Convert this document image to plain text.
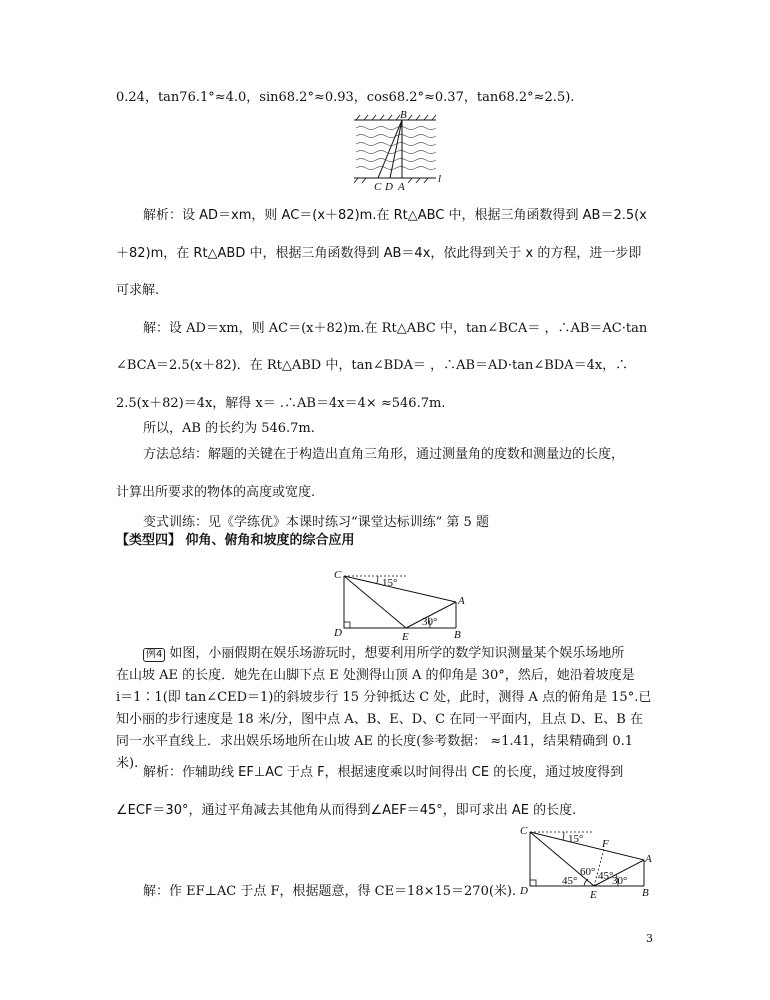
0.24，tan76.1°≈4.0，sin68.2°≈0.93，cos68.2°≈0.37，tan68.2°≈2.5).
B
C D A
l
解析：设 AD＝xm，则 AC＝(x＋82)m.在 Rt△ABC 中，根据三角函数得到 AB＝2.5(x
＋82)m，在 Rt△ABD 中，根据三角函数得到 AB＝4x，依此得到关于 x 的方程，进一步即
可求解.
解：设 AD＝xm，则 AC＝(x＋82)m.在 Rt△ABC 中，tan∠BCA＝ ，∴AB＝AC·tan
∠BCA＝2.5(x＋82)．在 Rt△ABD 中，tan∠BDA＝ ，∴AB＝AD·tan∠BDA＝4x，∴
2.5(x＋82)＝4x，解得 x＝ .∴AB＝4x＝4× ≈546.7m.
所以，AB 的长约为 546.7m.
方法总结：解题的关键在于构造出直角三角形，通过测量角的度数和测量边的长度，
计算出所要求的物体的高度或宽度.
变式训练：见《学练优》本课时练习“课堂达标训练” 第 5 题
【类型四】 仰角、俯角和坡度的综合应用
C
A
D	E	B
15°
30°
例4 如图，小丽假期在娱乐场游玩时，想要利用所学的数学知识测量某个娱乐场地所
在山坡 AE 的长度．她先在山脚下点 E 处测得山顶 A 的仰角是 30°，然后，她沿着坡度是
i＝1∶1(即 tan∠CED＝1)的斜坡步行 15 分钟抵达 C 处，此时，测得 A 点的俯角是 15°.已
知小丽的步行速度是 18 米/分，图中点 A、B、E、D、C 在同一平面内，且点 D、E、B 在
同一水平直线上．求出娱乐场地所在山坡 AE 的长度(参考数据： ≈1.41，结果精确到 0.1
米).
解析：作辅助线 EF⊥AC 于点 F，根据速度乘以时间得出 CE 的长度，通过坡度得到
∠ECF＝30°，通过平角减去其他角从而得到∠AEF＝45°，即可求出 AE 的长度.
C
F
A
D	E	B
15°
60° 45°
45°	30°
解：作 EF⊥AC 于点 F，根据题意，得 CE＝18×15＝270(米).
3
